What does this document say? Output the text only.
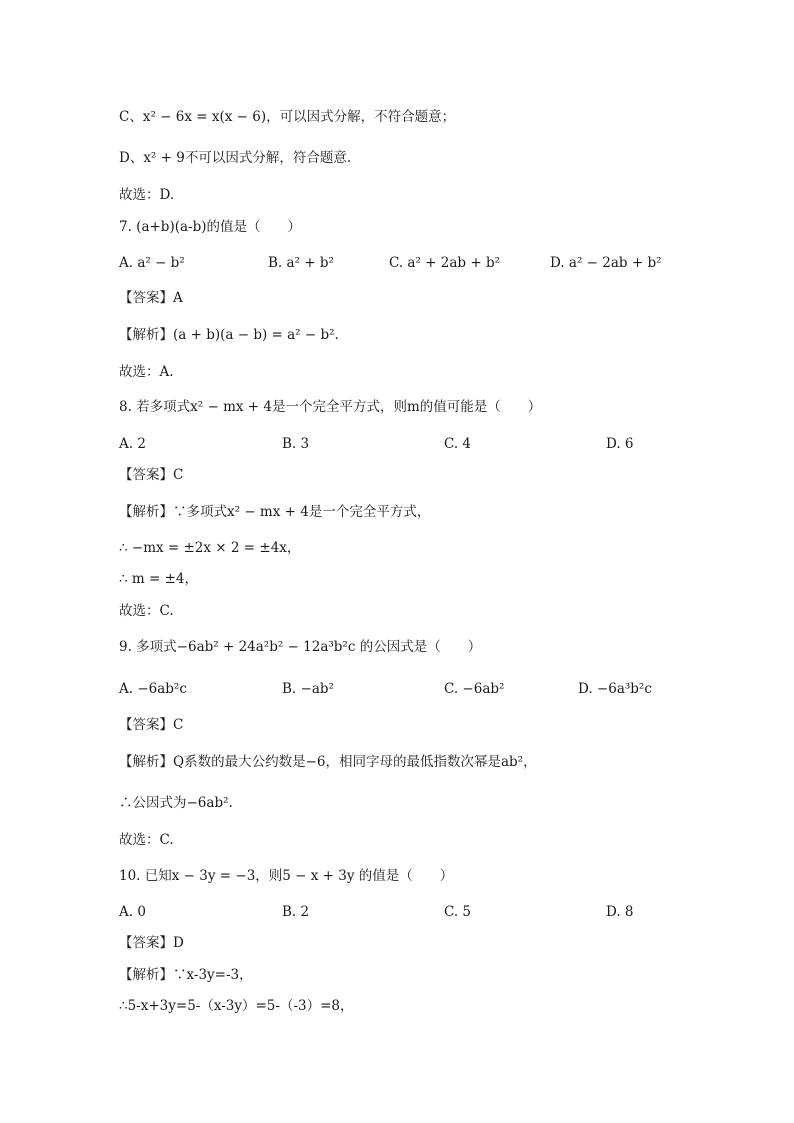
C、x² − 6x = x(x − 6)，可以因式分解，不符合题意；
D、x² + 9不可以因式分解，符合题意.
故选：D.
7. (a+b)(a-b)的值是（　　）
A. a² − b²	B. a² + b²	C. a² + 2ab + b²	D. a² − 2ab + b²
【答案】A
【解析】(a + b)(a − b) = a² − b².
故选：A.
8. 若多项式x² − mx + 4是一个完全平方式，则m的值可能是（　　）
A. 2	B. 3	C. 4	D. 6
【答案】C
【解析】∵多项式x² − mx + 4是一个完全平方式，
∴ −mx = ±2x × 2 = ±4x，
∴ m = ±4，
故选：C.
9. 多项式−6ab² + 24a²b² − 12a³b²c 的公因式是（　　）
A. −6ab²c	B. −ab²	C. −6ab²	D. −6a³b²c
【答案】C
【解析】Q系数的最大公约数是−6，相同字母的最低指数次幂是ab²，
∴公因式为−6ab².
故选：C.
10. 已知x − 3y = −3，则5 − x + 3y 的值是（　　）
A. 0	B. 2	C. 5	D. 8
【答案】D
【解析】∵x-3y=-3，
∴5-x+3y=5-（x-3y）=5-（-3）=8，
